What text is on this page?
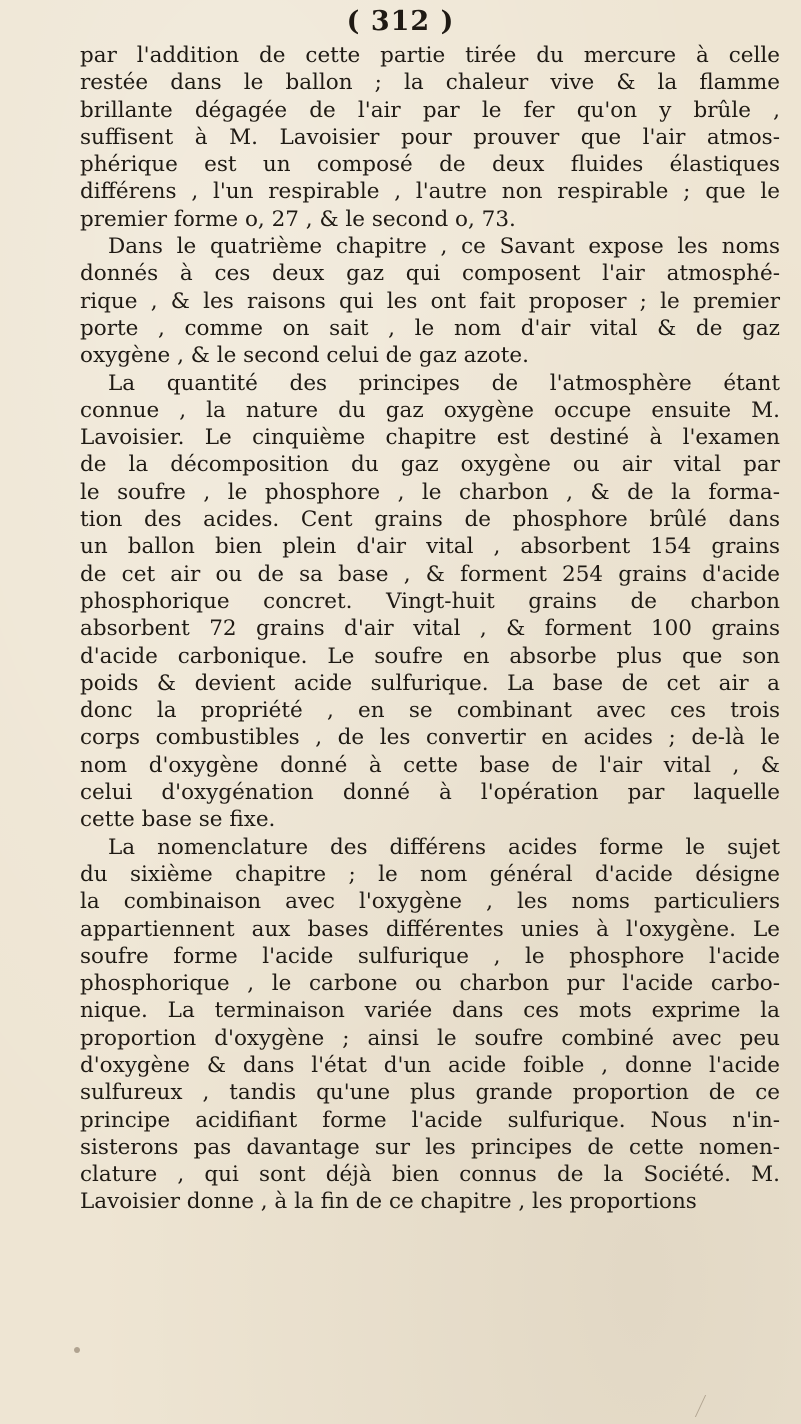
( 312 )
par l'addition de cette partie tirée du mercure à celle
restée dans le ballon ; la chaleur vive & la flamme
brillante dégagée de l'air par le fer qu'on y brûle ,
suffisent à M. Lavoisier pour prouver que l'air atmos-
phérique est un composé de deux fluides élastiques
différens , l'un respirable , l'autre non respirable ; que le
premier forme o, 27 , & le second o, 73.
Dans le quatrième chapitre , ce Savant expose les noms
donnés à ces deux gaz qui composent l'air atmosphé-
rique , & les raisons qui les ont fait proposer ; le premier
porte , comme on sait , le nom d'air vital & de gaz
oxygène , & le second celui de gaz azote.
La quantité des principes de l'atmosphère étant
connue , la nature du gaz oxygène occupe ensuite M.
Lavoisier. Le cinquième chapitre est destiné à l'examen
de la décomposition du gaz oxygène ou air vital par
le soufre , le phosphore , le charbon , & de la forma-
tion des acides. Cent grains de phosphore brûlé dans
un ballon bien plein d'air vital , absorbent 154 grains
de cet air ou de sa base , & forment 254 grains d'acide
phosphorique concret. Vingt-huit grains de charbon
absorbent 72 grains d'air vital , & forment 100 grains
d'acide carbonique. Le soufre en absorbe plus que son
poids & devient acide sulfurique. La base de cet air a
donc la propriété , en se combinant avec ces trois
corps combustibles , de les convertir en acides ; de-là le
nom d'oxygène donné à cette base de l'air vital , &
celui d'oxygénation donné à l'opération par laquelle
cette base se fixe.
La nomenclature des différens acides forme le sujet
du sixième chapitre ; le nom général d'acide désigne
la combinaison avec l'oxygène , les noms particuliers
appartiennent aux bases différentes unies à l'oxygène. Le
soufre forme l'acide sulfurique , le phosphore l'acide
phosphorique , le carbone ou charbon pur l'acide carbo-
nique. La terminaison variée dans ces mots exprime la
proportion d'oxygène ; ainsi le soufre combiné avec peu
d'oxygène & dans l'état d'un acide foible , donne l'acide
sulfureux , tandis qu'une plus grande proportion de ce
principe acidifiant forme l'acide sulfurique. Nous n'in-
sisterons pas davantage sur les principes de cette nomen-
clature , qui sont déjà bien connus de la Société. M.
Lavoisier donne , à la fin de ce chapitre , les proportions
